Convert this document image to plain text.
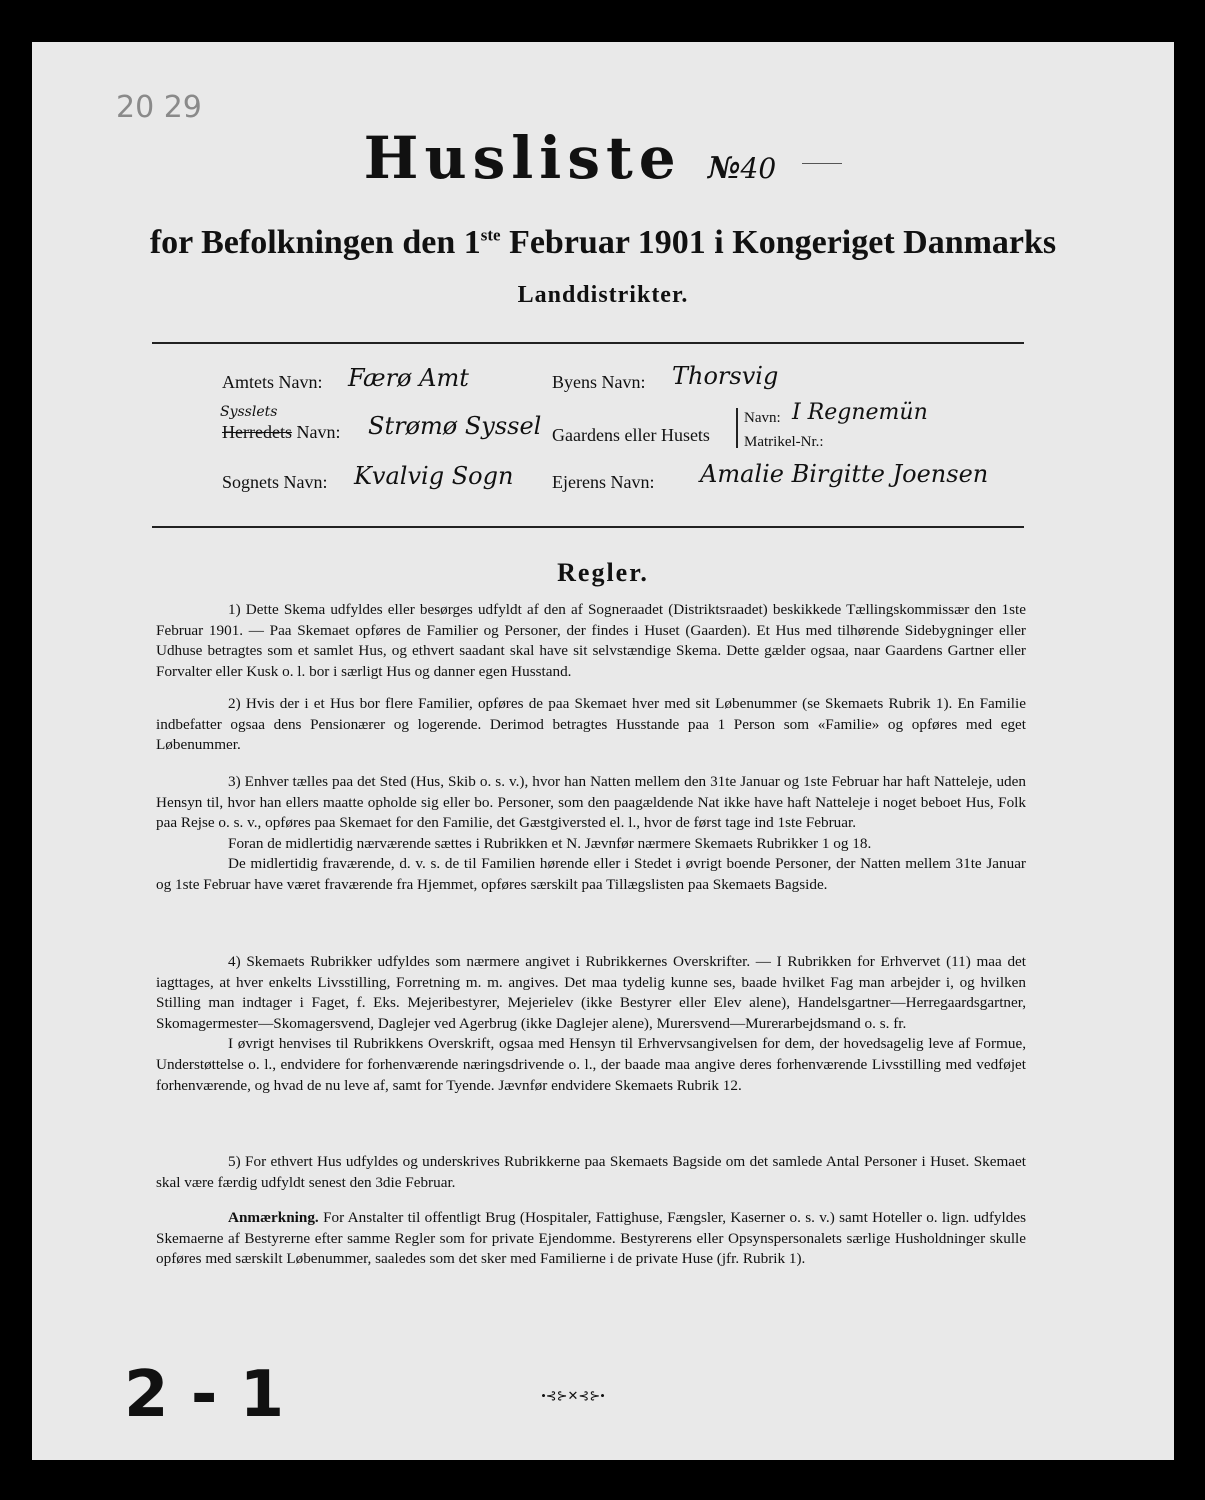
20 29
Husliste №40
for Befolkningen den 1ste Februar 1901 i Kongeriget Danmarks
Landdistrikter.
Amtets Navn: Færø Amt
Sysslets
Herredets Navn: Strømø Syssel
Sognets Navn: Kvalvig Sogn
Byens Navn: Thorsvig
Gaardens eller Husets
Navn: I Regnemün
Matrikel-Nr.:
Ejerens Navn: Amalie Birgitte Joensen
Regler.

1) Dette Skema udfyldes eller besørges udfyldt af den af Sogneraadet (Distriktsraadet) beskikkede Tællingskommissær den 1ste Februar 1901. — Paa Skemaet opføres de Familier og Personer, der findes i Huset (Gaarden). Et Hus med tilhørende Sidebygninger eller Udhuse betragtes som et samlet Hus, og ethvert saadant skal have sit selvstændige Skema. Dette gælder ogsaa, naar Gaardens Gartner eller Forvalter eller Kusk o. l. bor i særligt Hus og danner egen Husstand.

2) Hvis der i et Hus bor flere Familier, opføres de paa Skemaet hver med sit Løbenummer (se Skemaets Rubrik 1). En Familie indbefatter ogsaa dens Pensionærer og logerende. Derimod betragtes Husstande paa 1 Person som «Familie» og opføres med eget Løbenummer.

3) Enhver tælles paa det Sted (Hus, Skib o. s. v.), hvor han Natten mellem den 31te Januar og 1ste Februar har haft Natteleje, uden Hensyn til, hvor han ellers maatte opholde sig eller bo. Personer, som den paagældende Nat ikke have haft Natteleje i noget beboet Hus, Folk paa Rejse o. s. v., opføres paa Skemaet for den Familie, det Gæstgiversted el. l., hvor de først tage ind 1ste Februar.

Foran de midlertidig nærværende sættes i Rubrikken et N. Jævnfør nærmere Skemaets Rubrikker 1 og 18.

De midlertidig fraværende, d. v. s. de til Familien hørende eller i Stedet i øvrigt boende Personer, der Natten mellem 31te Januar og 1ste Februar have været fraværende fra Hjemmet, opføres særskilt paa Tillægslisten paa Skemaets Bagside.

4) Skemaets Rubrikker udfyldes som nærmere angivet i Rubrikkernes Overskrifter. — I Rubrikken for Erhvervet (11) maa det iagttages, at hver enkelts Livsstilling, Forretning m. m. angives. Det maa tydelig kunne ses, baade hvilket Fag man arbejder i, og hvilken Stilling man indtager i Faget, f. Eks. Mejeribestyrer, Mejerielev (ikke Bestyrer eller Elev alene), Handelsgartner—Herregaardsgartner, Skomagermester—Skomagersvend, Daglejer ved Agerbrug (ikke Daglejer alene), Murersvend—Murerarbejdsmand o. s. fr.

I øvrigt henvises til Rubrikkens Overskrift, ogsaa med Hensyn til Erhvervsangivelsen for dem, der hovedsagelig leve af Formue, Understøttelse o. l., endvidere for forhenværende næringsdrivende o. l., der baade maa angive deres forhenværende Livsstilling med vedføjet forhenværende, og hvad de nu leve af, samt for Tyende. Jævnfør endvidere Skemaets Rubrik 12.

5) For ethvert Hus udfyldes og underskrives Rubrikkerne paa Skemaets Bagside om det samlede Antal Personer i Huset. Skemaet skal være færdig udfyldt senest den 3die Februar.

Anmærkning. For Anstalter til offentligt Brug (Hospitaler, Fattighuse, Fængsler, Kaserner o. s. v.) samt Hoteller o. lign. udfyldes Skemaerne af Bestyrerne efter samme Regler som for private Ejendomme. Bestyrerens eller Opsynspersonalets særlige Husholdninger skulle opføres med særskilt Løbenummer, saaledes som det sker med Familierne i de private Huse (jfr. Rubrik 1).

•⊰⊱✕⊰⊱•
2 - 1
